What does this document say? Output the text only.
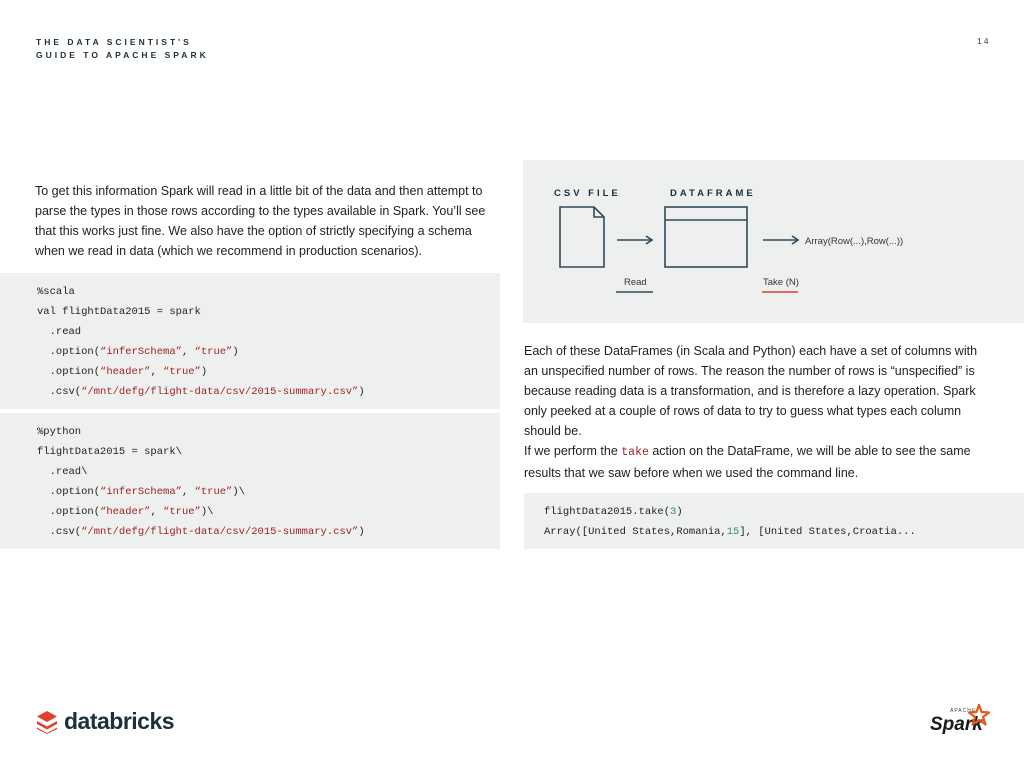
THE DATA SCIENTIST'S
GUIDE TO APACHE SPARK
14

To get this information Spark will read in a little bit of the data and then attempt to parse the types in those rows according to the types available in Spark. You’ll see that this works just fine. We also have the option of strictly specifying a schema when we read in data (which we recommend in production scenarios).

%scala
val flightData2015 = spark
.read
.option(“inferSchema”, “true”)
.option(“header”, “true”)
.csv(“/mnt/defg/flight-data/csv/2015-summary.csv”)
%python
flightData2015 = spark\
.read\
.option(“inferSchema”, “true”)\
.option(“header”, “true”)\
.csv(“/mnt/defg/flight-data/csv/2015-summary.csv”)
CSV FILE	DATAFRAME
Array(Row(...),Row(...))
Read	Take (N)

Each of these DataFrames (in Scala and Python) each have a set of columns with an unspecified number of rows. The reason the number of rows is “unspecified” is because reading data is a transformation, and is therefore a lazy operation. Spark only peeked at a couple of rows of data to try to guess what types each column should be.

If we perform the take action on the DataFrame, we will be able to see the same results that we saw before when we used the command line.

flightData2015.take(3)
Array([United States,Romania,15], [United States,Croatia...
databricks	APACHE
Spark
